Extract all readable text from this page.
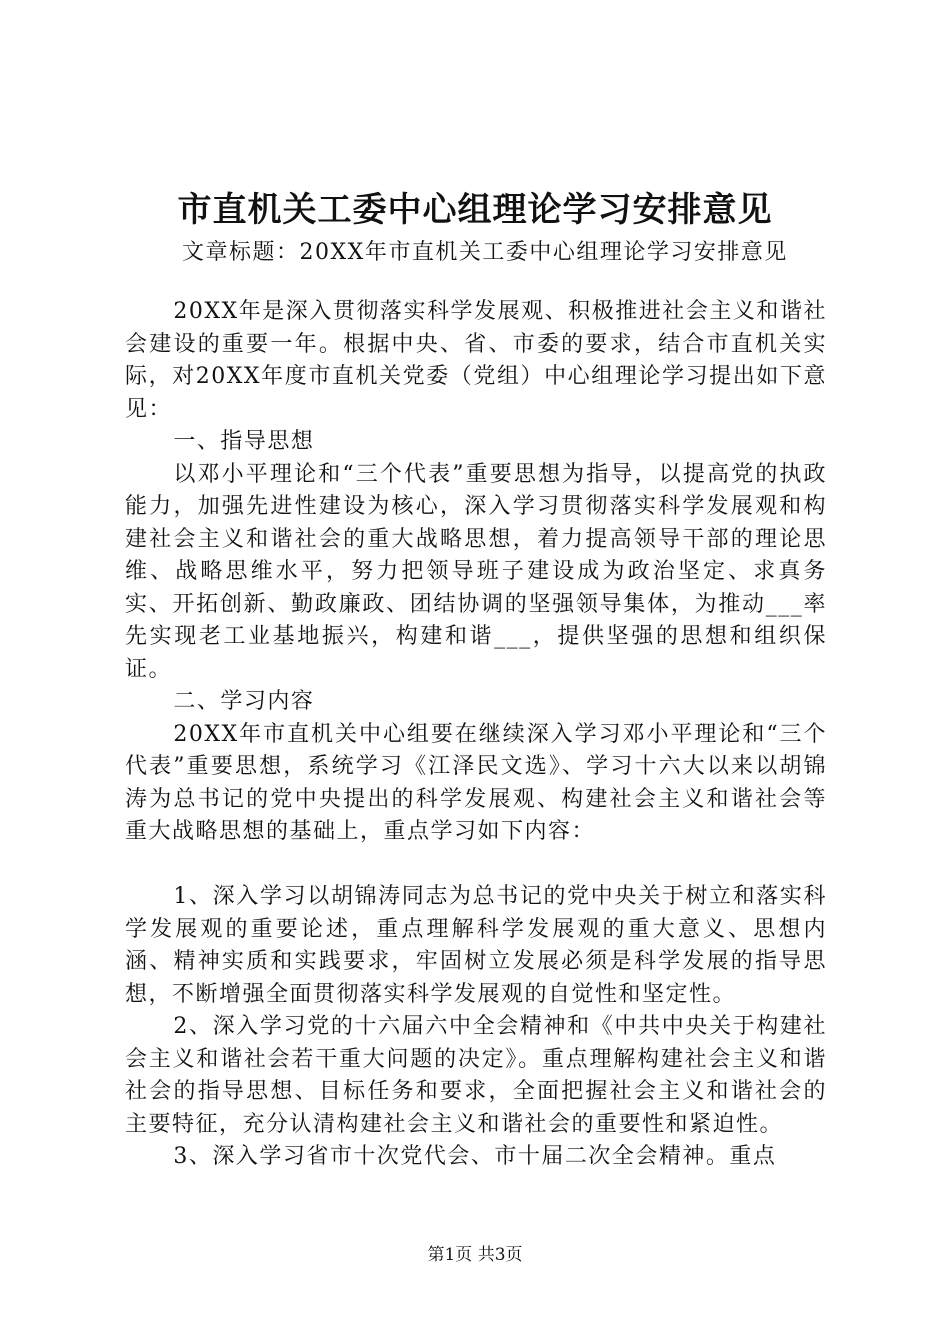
市直机关工委中心组理论学习安排意见
文章标题：20XX年市直机关工委中心组理论学习安排意见

20XX年是深入贯彻落实科学发展观、积极推进社会主义和谐社会建设的重要一年。根据中央、省、市委的要求，结合市直机关实际，对20XX年度市直机关党委（党组）中心组理论学习提出如下意见：

一、指导思想

以邓小平理论和“三个代表”重要思想为指导，以提高党的执政能力，加强先进性建设为核心，深入学习贯彻落实科学发展观和构建社会主义和谐社会的重大战略思想，着力提高领导干部的理论思维、战略思维水平，努力把领导班子建设成为政治坚定、求真务实、开拓创新、勤政廉政、团结协调的坚强领导集体，为推动___率先实现老工业基地振兴，构建和谐___，提供坚强的思想和组织保证。

二、学习内容

20XX年市直机关中心组要在继续深入学习邓小平理论和“三个代表”重要思想，系统学习《江泽民文选》、学习十六大以来以胡锦涛为总书记的党中央提出的科学发展观、构建社会主义和谐社会等重大战略思想的基础上，重点学习如下内容：

1、深入学习以胡锦涛同志为总书记的党中央关于树立和落实科学发展观的重要论述，重点理解科学发展观的重大意义、思想内涵、精神实质和实践要求，牢固树立发展必须是科学发展的指导思想，不断增强全面贯彻落实科学发展观的自觉性和坚定性。

2、深入学习党的十六届六中全会精神和《中共中央关于构建社会主义和谐社会若干重大问题的决定》。重点理解构建社会主义和谐社会的指导思想、目标任务和要求，全面把握社会主义和谐社会的主要特征，充分认清构建社会主义和谐社会的重要性和紧迫性。

3、深入学习省市十次党代会、市十届二次全会精神。重点

第1页 共3页
